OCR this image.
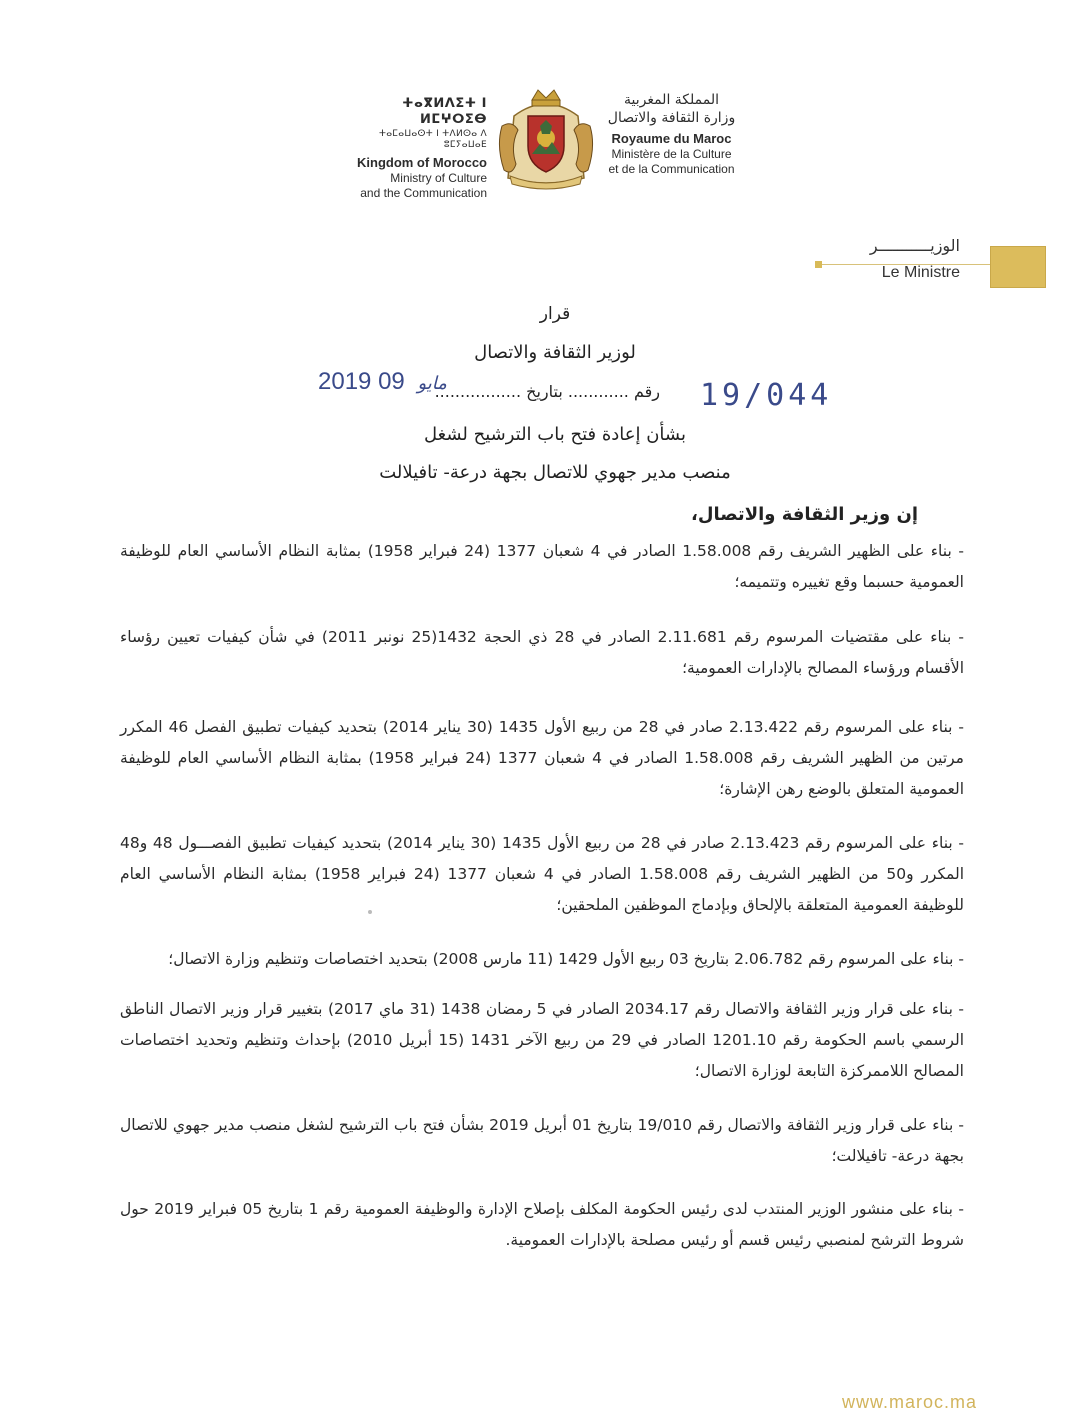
ⵜⴰⴳⵍⴷⵉⵜ ⵏ ⵍⵎⵖⵔⵉⴱ
ⵜⴰⵎⴰⵡⴰⵙⵜ ⵏ ⵜⴷⵍⵙⴰ ⴷ ⵓⵎⵢⴰⵡⴰⴹ
Kingdom of Morocco
Ministry of Culture
and the Communication
المملكة المغربية
وزارة الثقافة والاتصال
Royaume du Maroc
Ministère de la Culture
et de la Communication
الوزيـــــــــــر
Le Ministre
قرار
لوزير الثقافة والاتصال
19/044
رقم ............ بتاريخ .................
2019	مايو 09
بشأن إعادة فتح باب الترشيح لشغل
منصب مدير جهوي للاتصال بجهة درعة- تافيلالت
إن وزير الثقافة والاتصال،
- بناء على الظهير الشريف رقم 1.58.008 الصادر في 4 شعبان 1377 (24 فبراير 1958) بمثابة النظام الأساسي العام للوظيفة العمومية حسبما وقع تغييره وتتميمه؛
- بناء على مقتضيات المرسوم رقم 2.11.681 الصادر في 28 ذي الحجة 1432(25 نونبر 2011) في شأن كيفيات تعيين رؤساء الأقسام ورؤساء المصالح بالإدارات العمومية؛
- بناء على المرسوم رقم 2.13.422 صادر في 28 من ربيع الأول 1435 (30 يناير 2014) بتحديد كيفيات تطبيق الفصل 46 المكرر مرتين من الظهير الشريف رقم 1.58.008 الصادر في 4 شعبان 1377 (24 فبراير 1958) بمثابة النظام الأساسي العام للوظيفة العمومية المتعلق بالوضع رهن الإشارة؛
- بناء على المرسوم رقم 2.13.423 صادر في 28 من ربيع الأول 1435 (30 يناير 2014) بتحديد كيفيات تطبيق الفصـــول 48 و48 المكرر و50 من الظهير الشريف رقم 1.58.008 الصادر في 4 شعبان 1377 (24 فبراير 1958) بمثابة النظام الأساسي العام للوظيفة العمومية المتعلقة بالإلحاق وبإدماج الموظفين الملحقين؛
- بناء على المرسوم رقم 2.06.782 بتاريخ 03 ربيع الأول 1429 (11 مارس 2008) بتحديد اختصاصات وتنظيم وزارة الاتصال؛
- بناء على قرار وزير الثقافة والاتصال رقم 2034.17 الصادر في 5 رمضان 1438 (31 ماي 2017) بتغيير قرار وزير الاتصال الناطق الرسمي باسم الحكومة رقم 1201.10 الصادر في 29 من ربيع الآخر 1431 (15 أبريل 2010) بإحداث وتنظيم وتحديد اختصاصات المصالح اللاممركزة التابعة لوزارة الاتصال؛
- بناء على قرار وزير الثقافة والاتصال رقم 19/010 بتاريخ 01 أبريل 2019 بشأن فتح باب الترشيح لشغل منصب مدير جهوي للاتصال بجهة درعة- تافيلالت؛
- بناء على منشور الوزير المنتدب لدى رئيس الحكومة المكلف بإصلاح الإدارة والوظيفة العمومية رقم 1 بتاريخ 05 فبراير 2019 حول شروط الترشح لمنصبي رئيس قسم أو رئيس مصلحة بالإدارات العمومية.
www.maroc.ma
